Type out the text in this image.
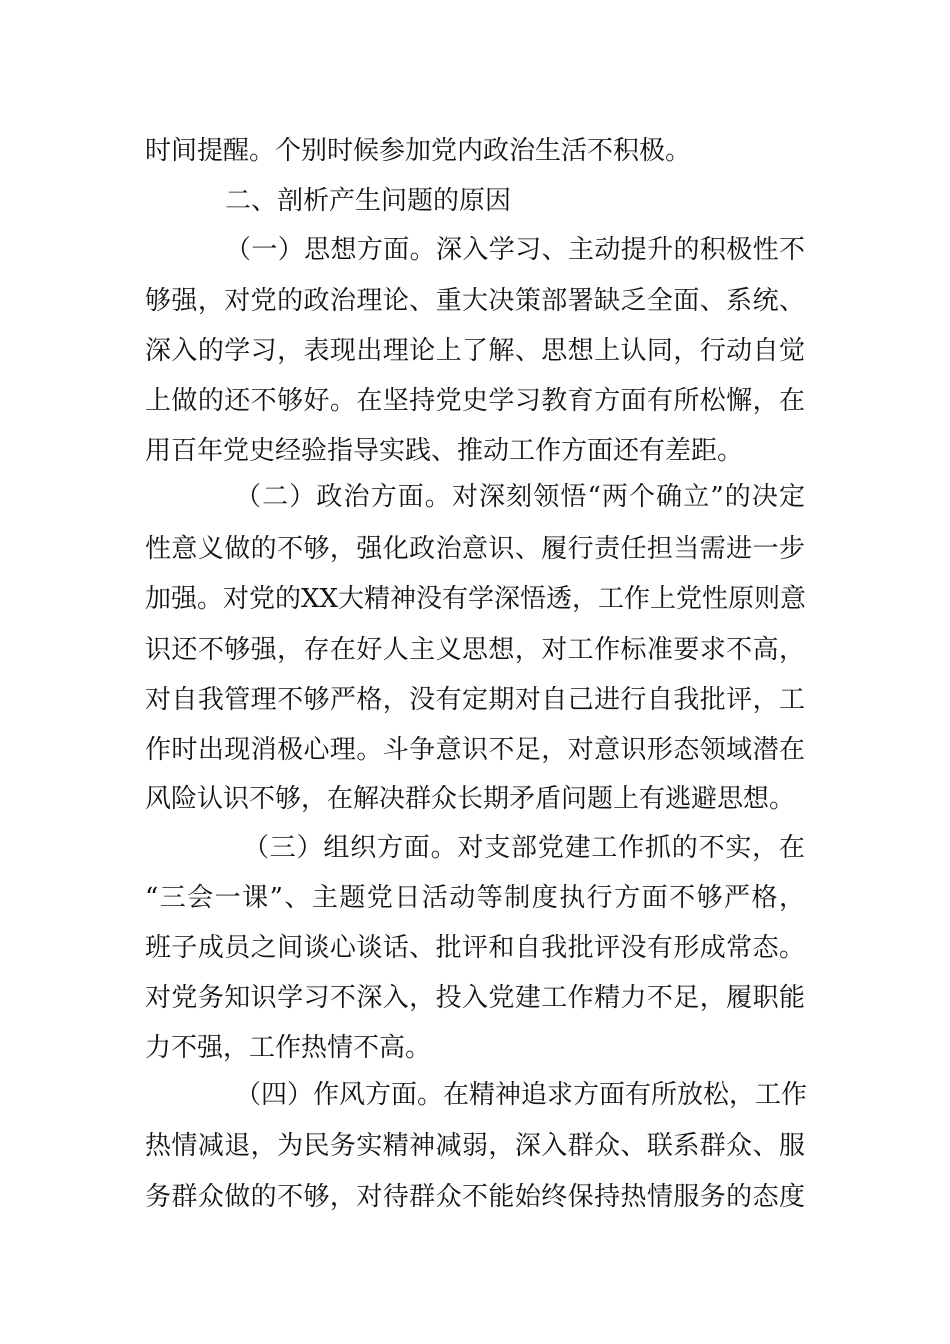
时间提醒。个别时候参加党内政治生活不积极。
二、剖析产生问题的原因
（一）思想方面。深入学习、主动提升的积极性不
够强，对党的政治理论、重大决策部署缺乏全面、系统、
深入的学习，表现出理论上了解、思想上认同，行动自觉
上做的还不够好。在坚持党史学习教育方面有所松懈，在
用百年党史经验指导实践、推动工作方面还有差距。
（二）政治方面。对深刻领悟“两个确立”的决定
性意义做的不够，强化政治意识、履行责任担当需进一步
加强。对党的XX大精神没有学深悟透，工作上党性原则意
识还不够强，存在好人主义思想，对工作标准要求不高，
对自我管理不够严格，没有定期对自己进行自我批评，工
作时出现消极心理。斗争意识不足，对意识形态领域潜在
风险认识不够，在解决群众长期矛盾问题上有逃避思想。
（三）组织方面。对支部党建工作抓的不实，在
“三会一课”、主题党日活动等制度执行方面不够严格，
班子成员之间谈心谈话、批评和自我批评没有形成常态。
对党务知识学习不深入，投入党建工作精力不足，履职能
力不强，工作热情不高。
（四）作风方面。在精神追求方面有所放松，工作
热情减退，为民务实精神减弱，深入群众、联系群众、服
务群众做的不够，对待群众不能始终保持热情服务的态度
